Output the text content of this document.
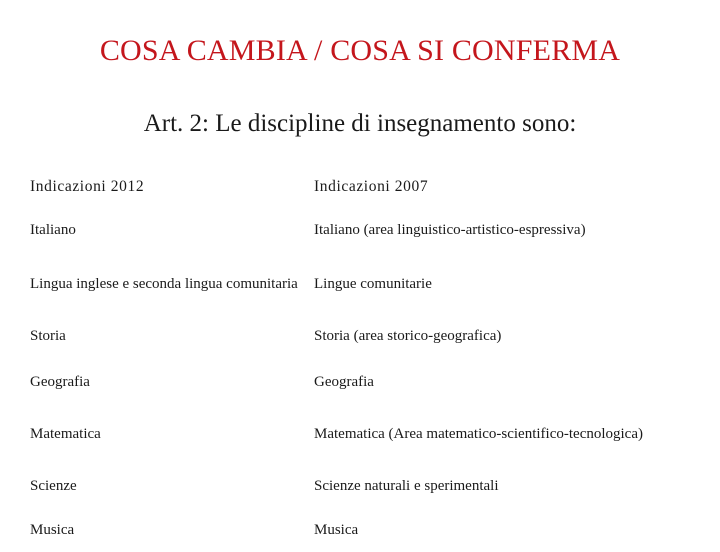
COSA CAMBIA / COSA SI CONFERMA
Art. 2: Le discipline di insegnamento sono:
Indicazioni 2012	Indicazioni 2007
Italiano	Italiano (area linguistico-artistico-espressiva)
Lingua inglese e seconda lingua comunitaria	Lingue comunitarie
Storia	Storia (area storico-geografica)
Geografia	Geografia
Matematica	Matematica (Area matematico-scientifico-tecnologica)
Scienze	Scienze naturali e sperimentali
Musica	Musica
